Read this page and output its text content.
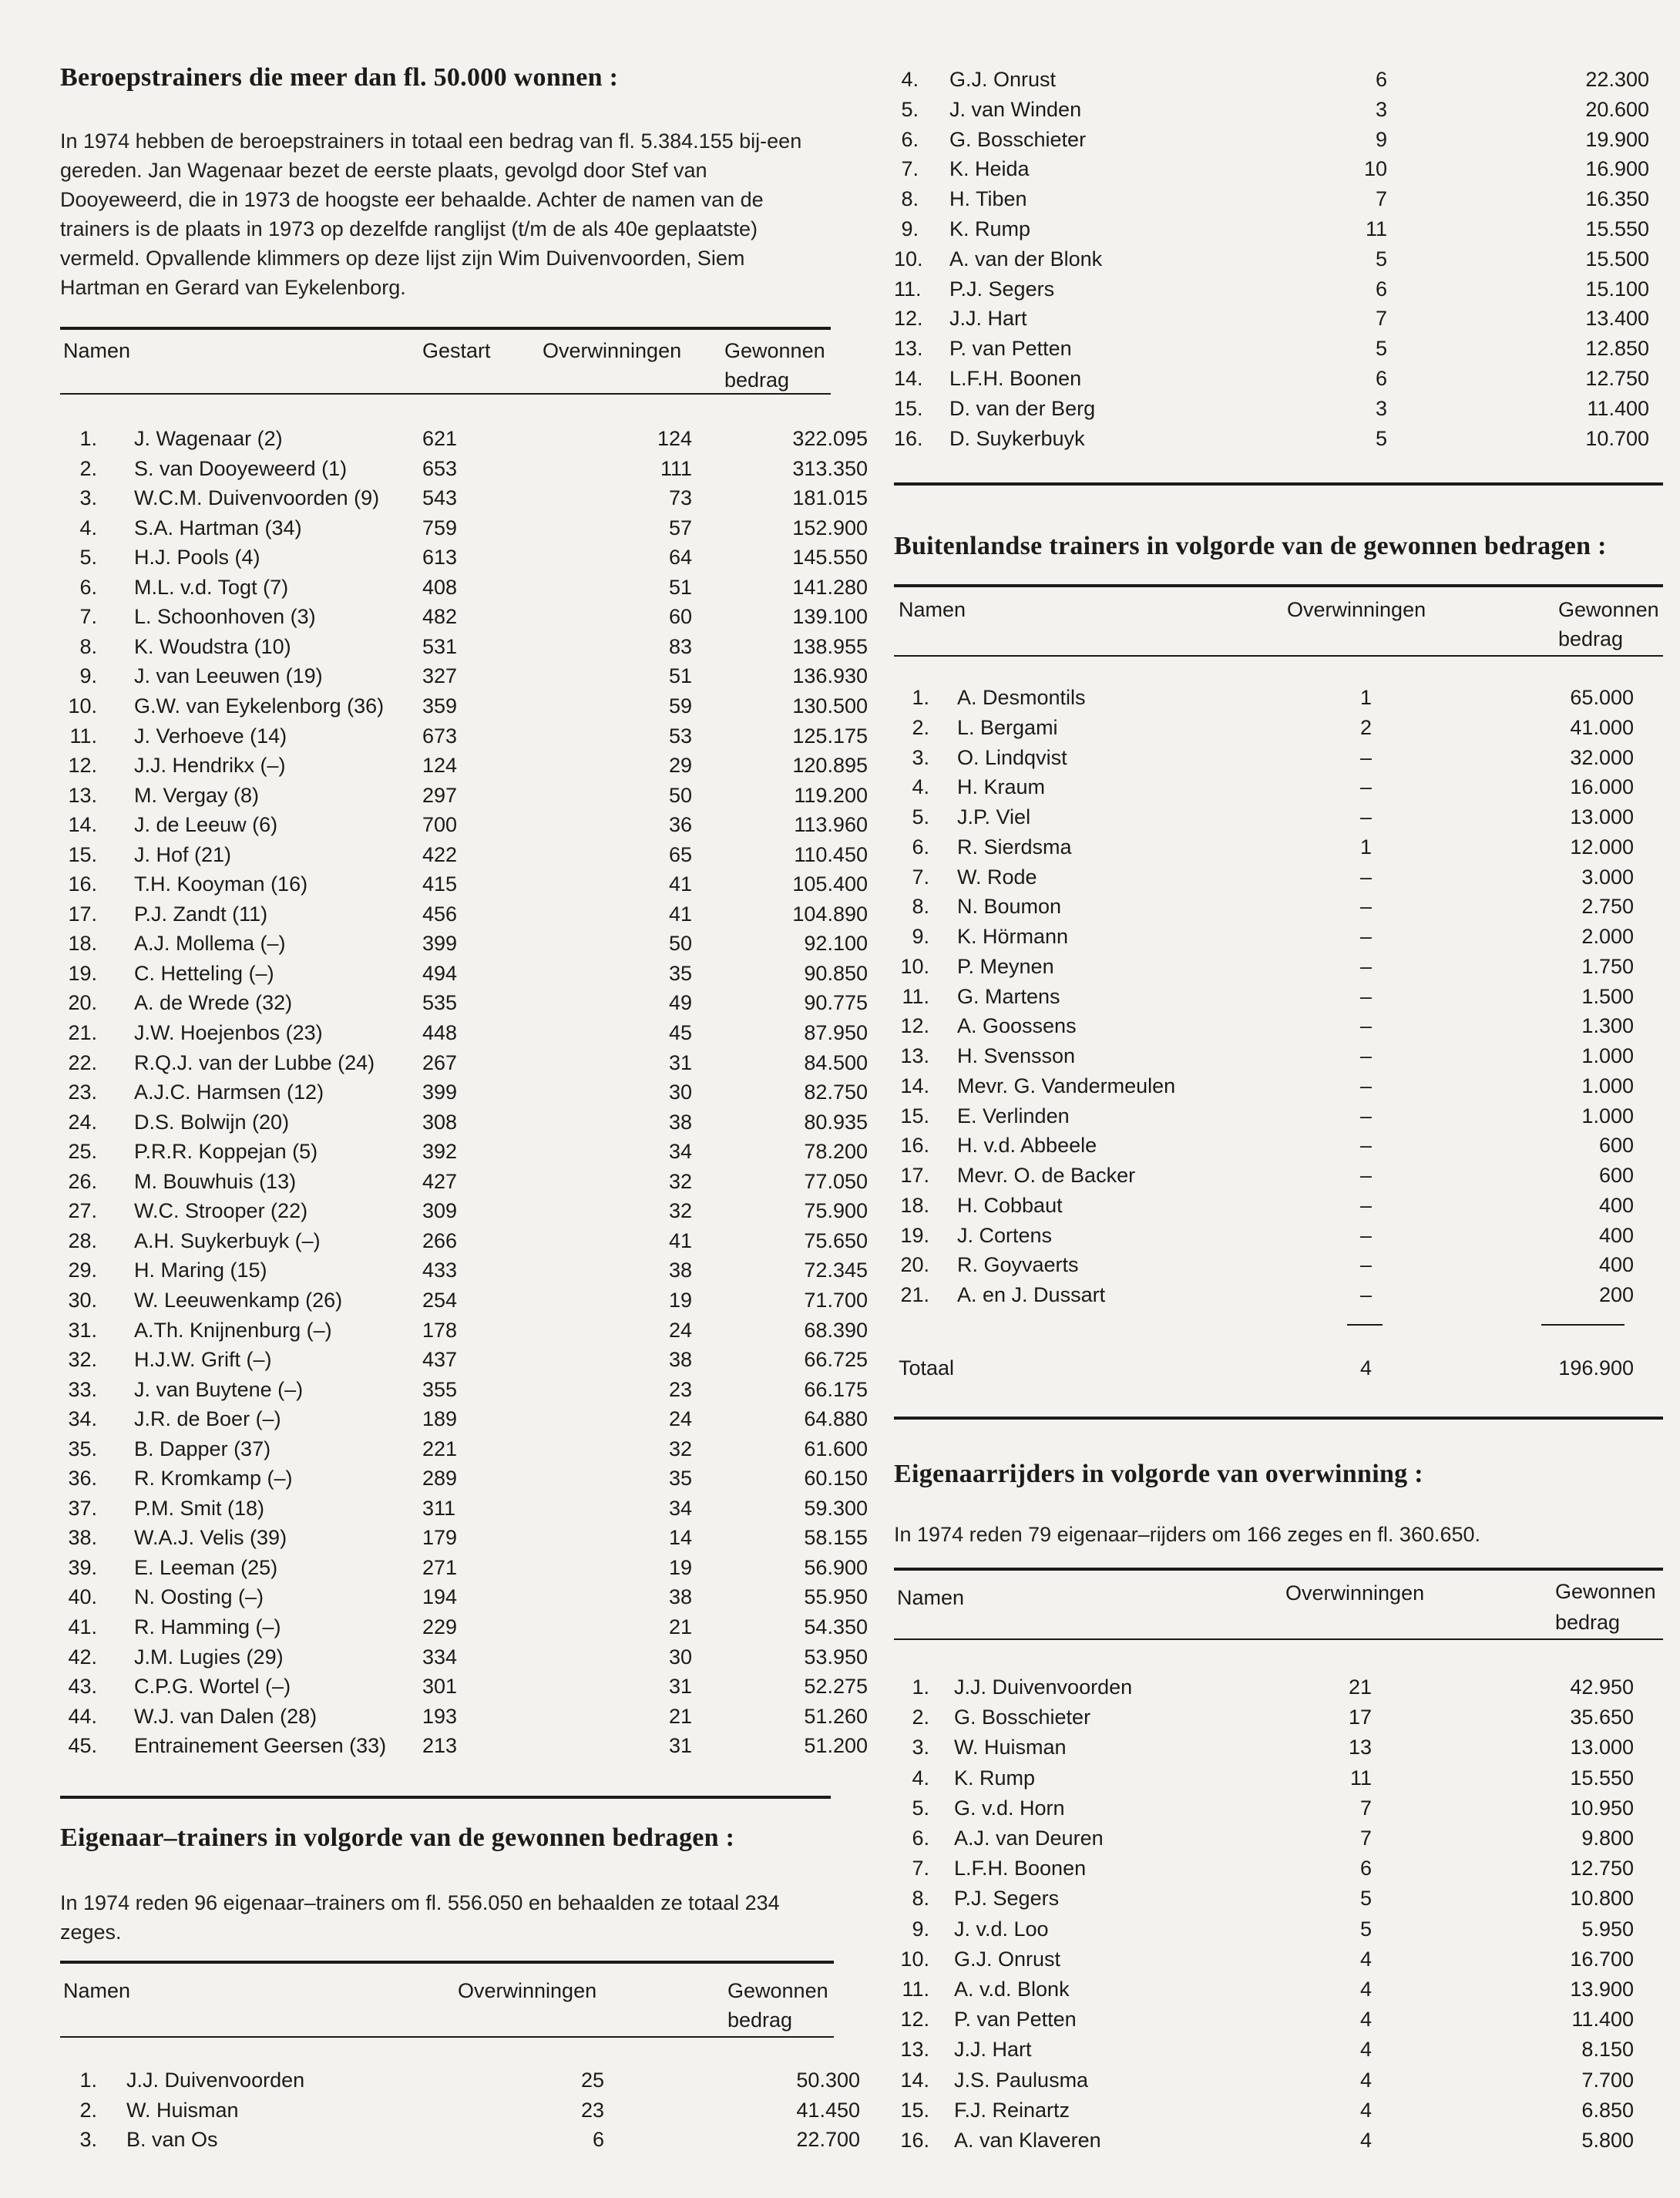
Beroepstrainers die meer dan fl. 50.000 wonnen :
In 1974 hebben de beroepstrainers in totaal een bedrag van fl. 5.384.155 bij-een gereden. Jan Wagenaar bezet de eerste plaats, gevolgd door Stef van Dooyeweerd, die in 1973 de hoogste eer behaalde. Achter de namen van de trainers is de plaats in 1973 op dezelfde ranglijst (t/m de als 40e geplaatste) vermeld. Opvallende klimmers op deze lijst zijn Wim Duivenvoorden, Siem Hartman en Gerard van Eykelenborg.
Namen	Gestart Overwinningen Gewonnen
bedrag
1. J. Wagenaar (2)	621	124	322.095
2. S. van Dooyeweerd (1)	653	111	313.350
3. W.C.M. Duivenvoorden (9) 543	73	181.015
4. S.A. Hartman (34)	759	57	152.900
5. H.J. Pools (4)	613	64	145.550
6. M.L. v.d. Togt (7)	408	51	141.280
7. L. Schoonhoven (3)	482	60	139.100
8. K. Woudstra (10)	531	83	138.955
9. J. van Leeuwen (19)	327	51	136.930
10. G.W. van Eykelenborg (36) 359	59	130.500
11. J. Verhoeve (14)	673	53	125.175
12. J.J. Hendrikx (–)	124	29	120.895
13. M. Vergay (8)	297	50	119.200
14. J. de Leeuw (6)	700	36	113.960
15. J. Hof (21)	422	65	110.450
16. T.H. Kooyman (16)	415	41	105.400
17. P.J. Zandt (11)	456	41	104.890
18. A.J. Mollema (–)	399	50	92.100
19. C. Hetteling (–)	494	35	90.850
20. A. de Wrede (32)	535	49	90.775
21. J.W. Hoejenbos (23)	448	45	87.950
22. R.Q.J. van der Lubbe (24) 267	31	84.500
23. A.J.C. Harmsen (12)	399	30	82.750
24. D.S. Bolwijn (20)	308	38	80.935
25. P.R.R. Koppejan (5)	392	34	78.200
26. M. Bouwhuis (13)	427	32	77.050
27. W.C. Strooper (22)	309	32	75.900
28. A.H. Suykerbuyk (–)	266	41	75.650
29. H. Maring (15)	433	38	72.345
30. W. Leeuwenkamp (26)	254	19	71.700
31. A.Th. Knijnenburg (–)	178	24	68.390
32. H.J.W. Grift (–)	437	38	66.725
33. J. van Buytene (–)	355	23	66.175
34. J.R. de Boer (–)	189	24	64.880
35. B. Dapper (37)	221	32	61.600
36. R. Kromkamp (–)	289	35	60.150
37. P.M. Smit (18)	311	34	59.300
38. W.A.J. Velis (39)	179	14	58.155
39. E. Leeman (25)	271	19	56.900
40. N. Oosting (–)	194	38	55.950
41. R. Hamming (–)	229	21	54.350
42. J.M. Lugies (29)	334	30	53.950
43. C.P.G. Wortel (–)	301	31	52.275
44. W.J. van Dalen (28)	193	21	51.260
45. Entrainement Geersen (33) 213	31	51.200
Eigenaar–trainers in volgorde van de gewonnen bedragen :
In 1974 reden 96 eigenaar–trainers om fl. 556.050 en behaalden ze totaal 234 zeges.
Namen	Overwinningen	Gewonnen
bedrag
1. J.J. Duivenvoorden	25	50.300
2. W. Huisman	23	41.450
3. B. van Os	6	22.700
4. G.J. Onrust	6	22.300
5. J. van Winden	3	20.600
6. G. Bosschieter	9	19.900
7. K. Heida	10	16.900
8. H. Tiben	7	16.350
9. K. Rump	11	15.550
10. A. van der Blonk	5	15.500
11. P.J. Segers	6	15.100
12. J.J. Hart	7	13.400
13. P. van Petten	5	12.850
14. L.F.H. Boonen	6	12.750
15. D. van der Berg	3	11.400
16. D. Suykerbuyk	5	10.700
Buitenlandse trainers in volgorde van de gewonnen bedragen :
Namen	Overwinningen	Gewonnen
bedrag
1. A. Desmontils	1	65.000
2. L. Bergami	2	41.000
3. O. Lindqvist	–	32.000
4. H. Kraum	–	16.000
5. J.P. Viel	–	13.000
6. R. Sierdsma	1	12.000
7. W. Rode	–	3.000
8. N. Boumon	–	2.750
9. K. Hörmann	–	2.000
10. P. Meynen	–	1.750
11. G. Martens	–	1.500
12. A. Goossens	–	1.300
13. H. Svensson	–	1.000
14. Mevr. G. Vandermeulen	–	1.000
15. E. Verlinden	–	1.000
16. H. v.d. Abbeele	–	600
17. Mevr. O. de Backer	–	600
18. H. Cobbaut	–	400
19. J. Cortens	–	400
20. R. Goyvaerts	–	400
21. A. en J. Dussart	–	200
Totaal	4	196.900
Eigenaarrijders in volgorde van overwinning :
In 1974 reden 79 eigenaar–rijders om 166 zeges en fl. 360.650.
Namen	Overwinningen	Gewonnen
bedrag
1. J.J. Duivenvoorden	21	42.950
2. G. Bosschieter	17	35.650
3. W. Huisman	13	13.000
4. K. Rump	11	15.550
5. G. v.d. Horn	7	10.950
6. A.J. van Deuren	7	9.800
7. L.F.H. Boonen	6	12.750
8. P.J. Segers	5	10.800
9. J. v.d. Loo	5	5.950
10. G.J. Onrust	4	16.700
11. A. v.d. Blonk	4	13.900
12. P. van Petten	4	11.400
13. J.J. Hart	4	8.150
14. J.S. Paulusma	4	7.700
15. F.J. Reinartz	4	6.850
16. A. van Klaveren	4	5.800
